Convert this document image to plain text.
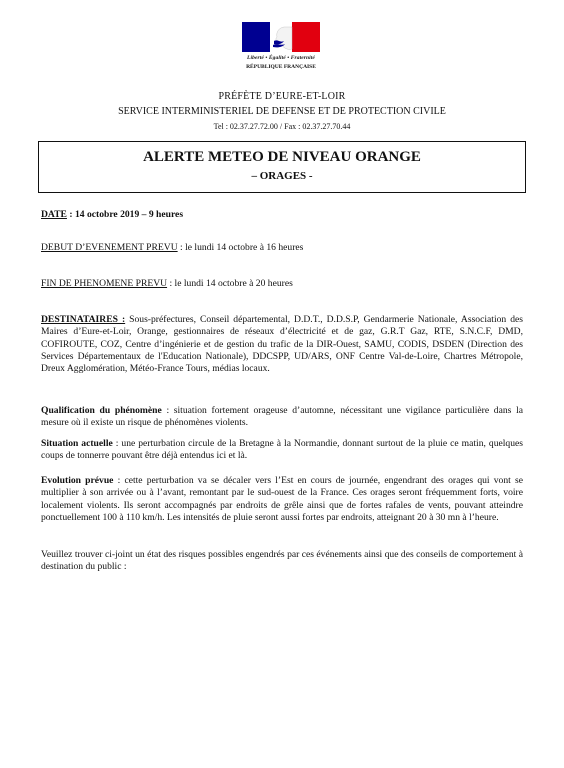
Liberté • Égalité • Fraternité
RÉPUBLIQUE FRANÇAISE
PRÉFÈTE D’EURE-ET-LOIR
SERVICE INTERMINISTERIEL DE DEFENSE ET DE PROTECTION CIVILE
Tel : 02.37.27.72.00 / Fax : 02.37.27.70.44
ALERTE METEO DE NIVEAU ORANGE
– ORAGES -
DATE : 14 octobre 2019 – 9 heures
DEBUT D’EVENEMENT PREVU : le lundi 14 octobre à 16 heures
FIN DE PHENOMENE PREVU : le lundi 14 octobre à 20 heures
DESTINATAIRES : Sous-préfectures, Conseil départemental, D.D.T., D.D.S.P, Gendarmerie Nationale, Association des Maires d’Eure-et-Loir, Orange, gestionnaires de réseaux d’électricité et de gaz, G.R.T Gaz, RTE, S.N.C.F, DMD, COFIROUTE, COZ, Centre d’ingénierie et de gestion du trafic de la DIR-Ouest, SAMU, CODIS, DSDEN (Direction des Services Départementaux de l'Education Nationale), DDCSPP, UD/ARS, ONF Centre Val-de-Loire, Chartres Métropole, Dreux Agglomération, Météo-France Tours, médias locaux.
Qualification du phénomène : situation fortement orageuse d’automne, nécessitant une vigilance particulière dans la mesure où il existe un risque de phénomènes violents.
Situation actuelle : une perturbation circule de la Bretagne à la Normandie, donnant surtout de la pluie ce matin, quelques coups de tonnerre pouvant être déjà entendus ici et là.
Evolution prévue : cette perturbation va se décaler vers l’Est en cours de journée, engendrant des orages qui vont se multiplier à son arrivée ou à l’avant, remontant par le sud-ouest de la France. Ces orages seront fréquemment forts, voire localement violents. Ils seront accompagnés par endroits de grêle ainsi que de fortes rafales de vents, pouvant atteindre ponctuellement 100 à 110 km/h. Les intensités de pluie seront aussi fortes par endroits, atteignant 20 à 30 mn à l’heure.
Veuillez trouver ci-joint un état des risques possibles engendrés par ces événements ainsi que des conseils de comportement à destination du public :
